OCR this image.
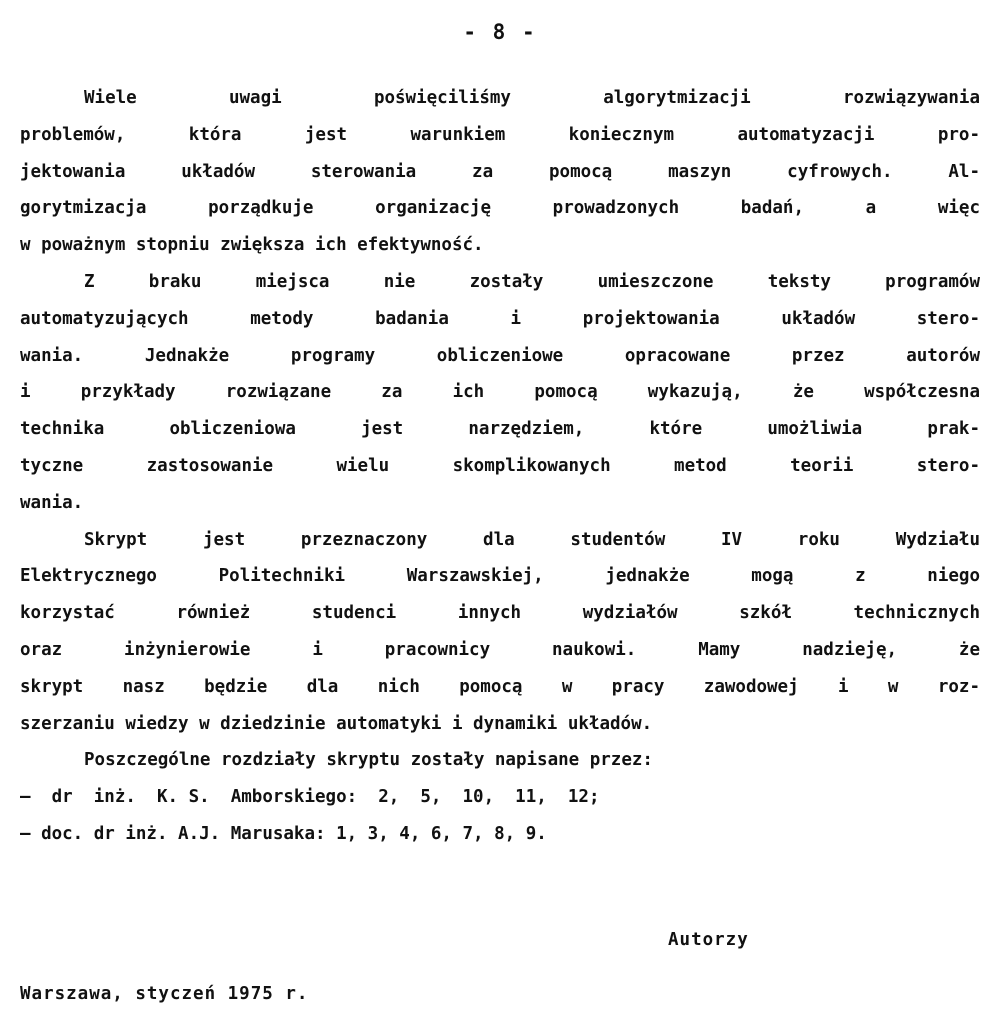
- 8 -
Wiele uwagi poświęciliśmy algorytmizacji rozwiązywania
problemów, która jest warunkiem koniecznym automatyzacji pro-
jektowania układów sterowania za pomocą maszyn cyfrowych. Al-
gorytmizacja porządkuje organizację prowadzonych badań, a więc
w poważnym stopniu zwiększa ich efektywność.
Z braku miejsca nie zostały umieszczone teksty programów
automatyzujących metody badania i projektowania układów stero-
wania. Jednakże programy obliczeniowe opracowane przez autorów
i przykłady rozwiązane za ich pomocą wykazują, że współczesna
technika obliczeniowa jest narzędziem, które umożliwia prak-
tyczne zastosowanie wielu skomplikowanych metod teorii stero-
wania.
Skrypt jest przeznaczony dla studentów IV roku Wydziału
Elektrycznego Politechniki Warszawskiej, jednakże mogą z niego
korzystać również studenci innych wydziałów szkół technicznych
oraz inżynierowie i pracownicy naukowi. Mamy nadzieję, że
skrypt nasz będzie dla nich pomocą w pracy zawodowej i w roz-
szerzaniu wiedzy w dziedzinie automatyki i dynamiki układów.
Poszczególne rozdziały skryptu zostały napisane przez:
–  dr  inż.  K. S.  Amborskiego:  2,  5,  10,  11,  12;
– doc. dr inż. A.J. Marusaka: 1, 3, 4, 6, 7, 8, 9.
Autorzy
Warszawa, styczeń 1975 r.
